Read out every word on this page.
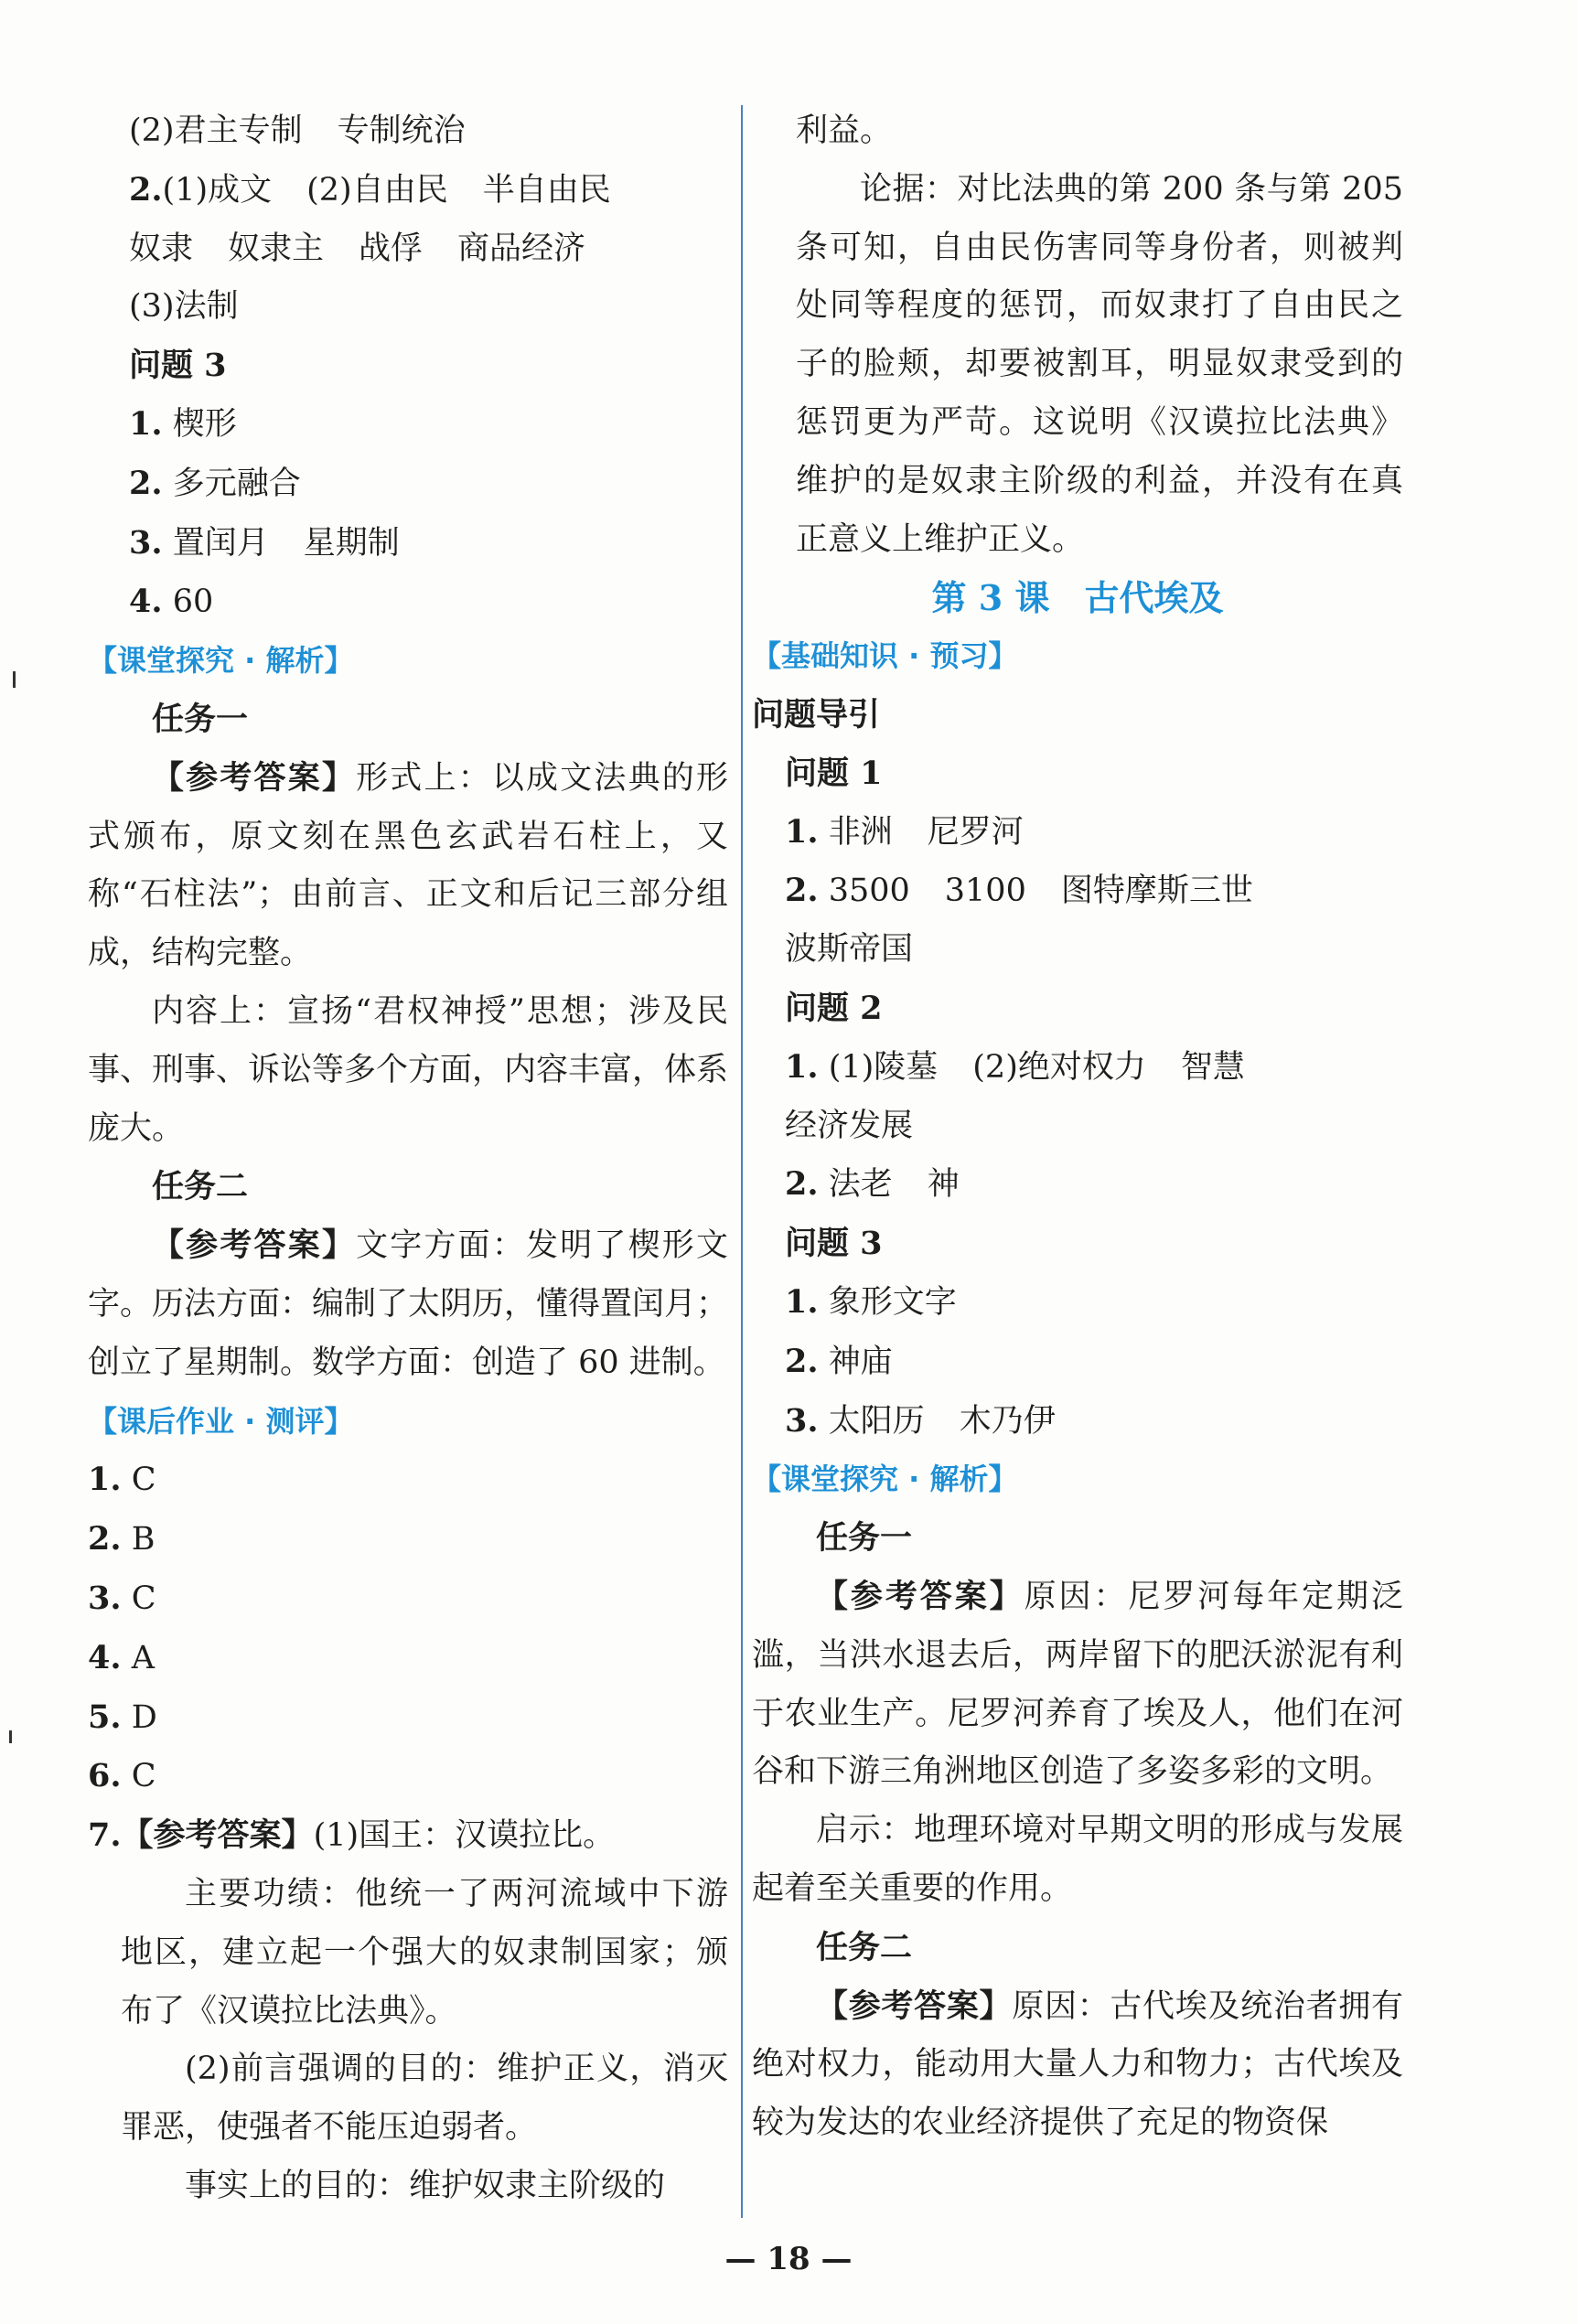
(2)君主专制 专制统治
2.(1)成文 (2)自由民 半自由民
奴隶 奴隶主 战俘 商品经济
(3)法制
问题 3
1. 楔形
2. 多元融合
3. 置闰月 星期制
4. 60
【课堂探究 · 解析】
任务一
【参考答案】形式上：以成文法典的形式颁布，原文刻在黑色玄武岩石柱上，又称“石柱法”；由前言、正文和后记三部分组成，结构完整。
内容上：宣扬“君权神授”思想；涉及民事、刑事、诉讼等多个方面，内容丰富，体系庞大。
任务二
【参考答案】文字方面：发明了楔形文字。历法方面：编制了太阴历，懂得置闰月；创立了星期制。数学方面：创造了 60 进制。
【课后作业 · 测评】
1. C
2. B
3. C
4. A
5. D
6. C
7.【参考答案】(1)国王：汉谟拉比。
主要功绩：他统一了两河流域中下游地区，建立起一个强大的奴隶制国家；颁布了《汉谟拉比法典》。
(2)前言强调的目的：维护正义，消灭罪恶，使强者不能压迫弱者。
事实上的目的：维护奴隶主阶级的
利益。
论据：对比法典的第 200 条与第 205 条可知，自由民伤害同等身份者，则被判处同等程度的惩罚，而奴隶打了自由民之子的脸颊，却要被割耳，明显奴隶受到的惩罚更为严苛。这说明《汉谟拉比法典》维护的是奴隶主阶级的利益，并没有在真正意义上维护正义。
第 3 课　古代埃及
【基础知识 · 预习】
问题导引
问题 1
1. 非洲 尼罗河
2. 3500 3100 图特摩斯三世
波斯帝国
问题 2
1. (1)陵墓 (2)绝对权力 智慧
经济发展
2. 法老 神
问题 3
1. 象形文字
2. 神庙
3. 太阳历 木乃伊
【课堂探究 · 解析】
任务一
【参考答案】原因：尼罗河每年定期泛滥，当洪水退去后，两岸留下的肥沃淤泥有利于农业生产。尼罗河养育了埃及人，他们在河谷和下游三角洲地区创造了多姿多彩的文明。
启示：地理环境对早期文明的形成与发展起着至关重要的作用。
任务二
【参考答案】原因：古代埃及统治者拥有绝对权力，能动用大量人力和物力；古代埃及较为发达的农业经济提供了充足的物资保
— 18 —
